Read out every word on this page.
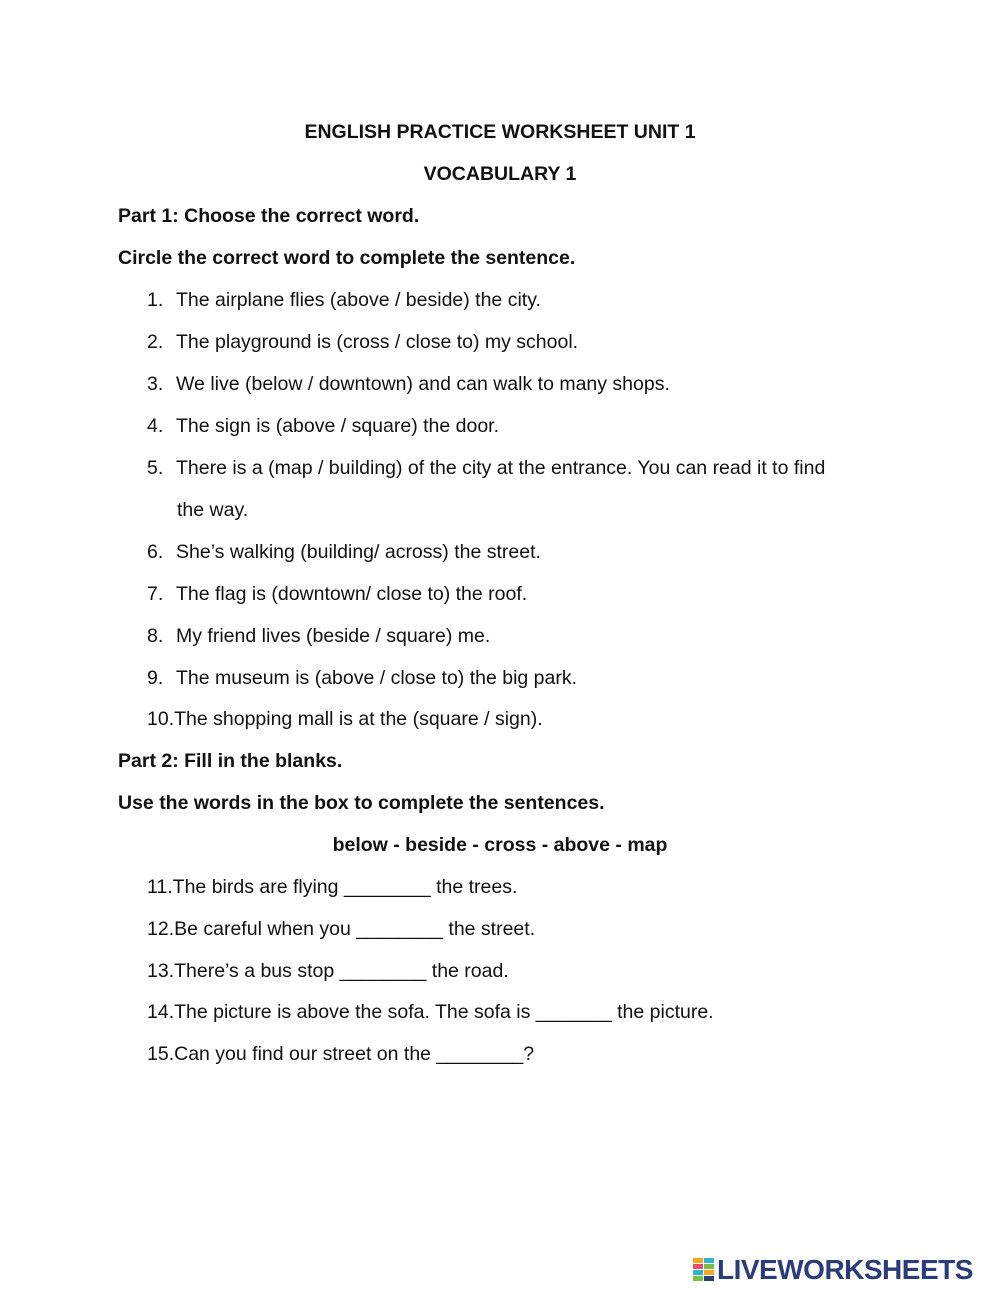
ENGLISH PRACTICE WORKSHEET UNIT 1
VOCABULARY 1
Part 1: Choose the correct word.
Circle the correct word to complete the sentence.
1. The airplane flies (above / beside) the city.
2. The playground is (cross / close to) my school.
3. We live (below / downtown) and can walk to many shops.
4. The sign is (above / square) the door.
5. There is a (map / building) of the city at the entrance. You can read it to find
the way.
6. She’s walking (building/ across) the street.
7. The flag is (downtown/ close to) the roof.
8. My friend lives (beside / square) me.
9. The museum is (above / close to) the big park.
10.The shopping mall is at the (square / sign).
Part 2: Fill in the blanks.
Use the words in the box to complete the sentences.
below - beside - cross - above - map
11.The birds are flying ________ the trees.
12.Be careful when you ________ the street.
13.There’s a bus stop ________ the road.
14.The picture is above the sofa. The sofa is _______ the picture.
15.Can you find our street on the ________?
LIVEWORKSHEETS
